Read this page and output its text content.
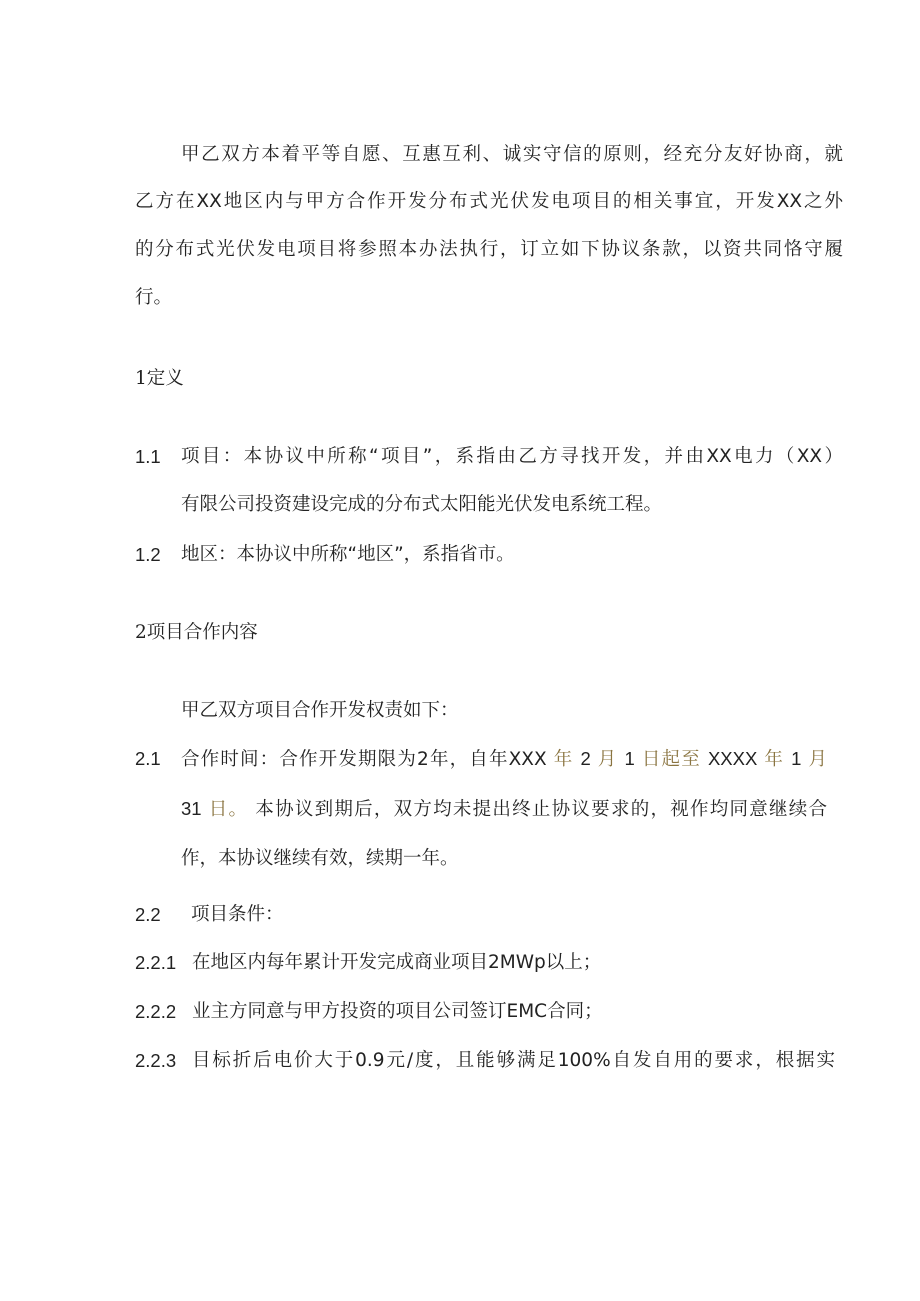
甲乙双方本着平等自愿、互惠互利、诚实守信的原则，经充分友好协商，就
乙方在XX地区内与甲方合作开发分布式光伏发电项目的相关事宜，开发XX之外
的分布式光伏发电项目将参照本办法执行，订立如下协议条款，以资共同恪守履
行。
1定义
1.1 项目：本协议中所称“项目”，系指由乙方寻找开发，并由XX电力（XX）
有限公司投资建设完成的分布式太阳能光伏发电系统工程。
1.2 地区：本协议中所称“地区”，系指省市。
2项目合作内容
甲乙双方项目合作开发权责如下：
2.1 合作时间：合作开发期限为2年，自年XXX 年 2 月 1 日起至 XXXX 年 1 月
31 日。 本协议到期后，双方均未提出终止协议要求的，视作均同意继续合
作，本协议继续有效，续期一年。
2.2 项目条件：
2.2.1 在地区内每年累计开发完成商业项目2MWp以上；
2.2.2 业主方同意与甲方投资的项目公司签订EMC合同；
2.2.3 目标折后电价大于0.9元/度，且能够满足100%自发自用的要求，根据实
